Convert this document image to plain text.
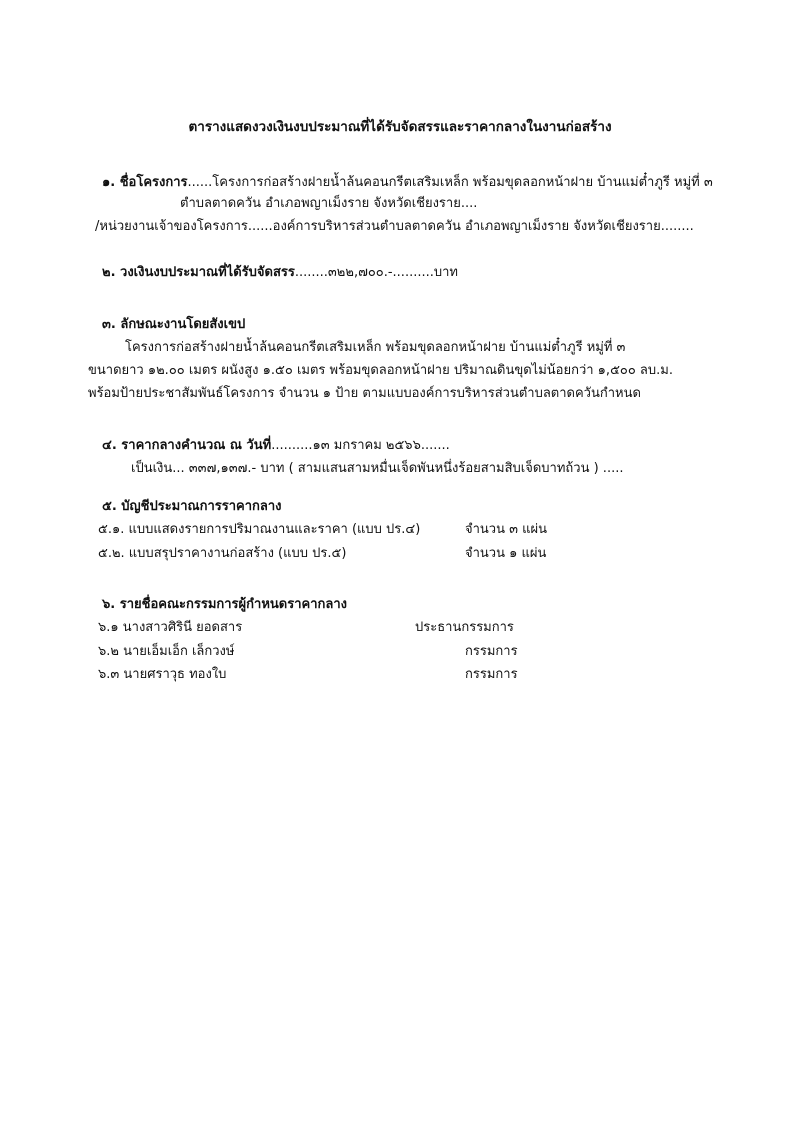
ตารางแสดงวงเงินงบประมาณที่ได้รับจัดสรรและราคากลางในงานก่อสร้าง
๑. ชื่อโครงการ......โครงการก่อสร้างฝายน้ำล้นคอนกรีตเสริมเหล็ก พร้อมขุดลอกหน้าฝาย บ้านแม่ต๋ำภูรี หมู่ที่ ๓
ตำบลตาดควัน อำเภอพญาเม็งราย จังหวัดเชียงราย....
/หน่วยงานเจ้าของโครงการ......องค์การบริหารส่วนตำบลตาดควัน อำเภอพญาเม็งราย จังหวัดเชียงราย........
๒. วงเงินงบประมาณที่ได้รับจัดสรร........๓๒๒,๗๐๐.-..........บาท
๓. ลักษณะงานโดยสังเขป
โครงการก่อสร้างฝายน้ำล้นคอนกรีตเสริมเหล็ก พร้อมขุดลอกหน้าฝาย บ้านแม่ต๋ำภูรี หมู่ที่ ๓
ขนาดยาว ๑๒.๐๐ เมตร ผนังสูง ๑.๕๐ เมตร พร้อมขุดลอกหน้าฝาย ปริมาณดินขุดไม่น้อยกว่า ๑,๕๐๐ ลบ.ม.
พร้อมป้ายประชาสัมพันธ์โครงการ จำนวน ๑ ป้าย ตามแบบองค์การบริหารส่วนตำบลตาดควันกำหนด
๔. ราคากลางคำนวณ ณ วันที่..........๑๓ มกราคม ๒๕๖๖.......
เป็นเงิน... ๓๓๗,๑๓๗.- บาท ( สามแสนสามหมื่นเจ็ดพันหนึ่งร้อยสามสิบเจ็ดบาทถ้วน ) .....
๕. บัญชีประมาณการราคากลาง
๕.๑. แบบแสดงรายการปริมาณงานและราคา (แบบ ปร.๔)	จำนวน ๓ แผ่น
๕.๒. แบบสรุปราคางานก่อสร้าง (แบบ ปร.๕)	จำนวน ๑ แผ่น
๖. รายชื่อคณะกรรมการผู้กำหนดราคากลาง
๖.๑ นางสาวศิรินี ยอดสาร	ประธานกรรมการ
๖.๒ นายเอ็มเอ็ก เล็กวงษ์	กรรมการ
๖.๓ นายศราวุธ ทองใบ	กรรมการ
